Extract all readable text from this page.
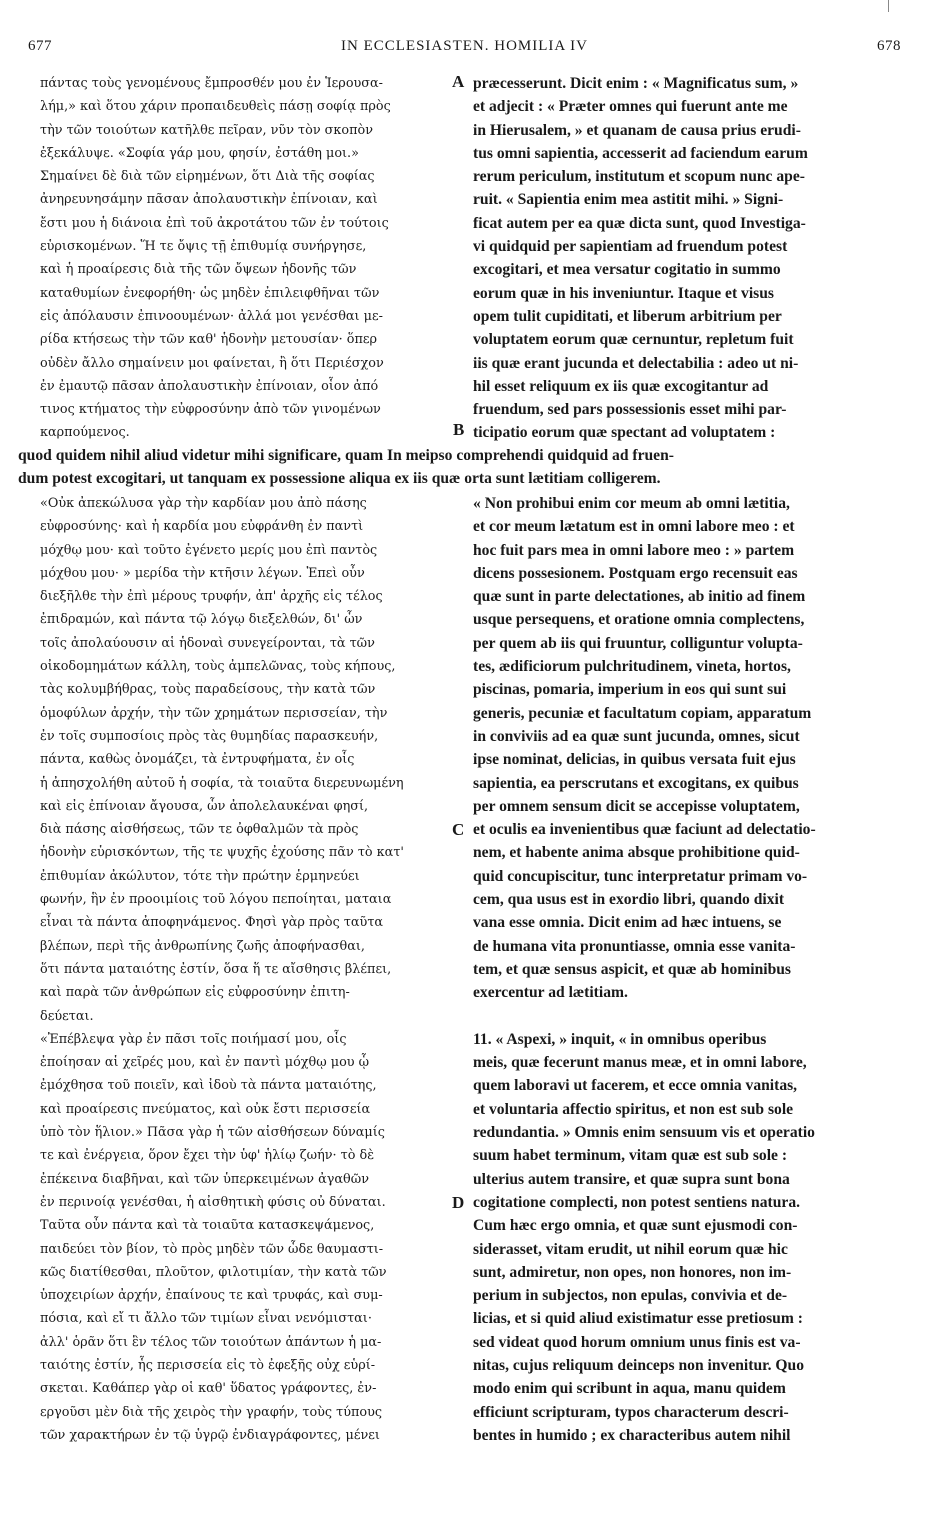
677	IN ECCLESIASTEN. HOMILIA IV	678
A
B
C
D
πάντας τοὺς γενομένους ἔμπροσθέν μου ἐν Ἱερουσα-
λήμ,» καὶ ὅτου χάριν προπαιδευθεὶς πάσῃ σοφίᾳ πρὸς
τὴν τῶν τοιούτων κατῆλθε πεῖραν, νῦν τὸν σκοπὸν
ἐξεκάλυψε. «Σοφία γάρ μου, φησίν, ἐστάθη μοι.»
Σημαίνει δὲ διὰ τῶν εἰρημένων, ὅτι Διὰ τῆς σοφίας
ἀνηρευνησάμην πᾶσαν ἀπολαυστικὴν ἐπίνοιαν, καὶ
ἔστι μου ἡ διάνοια ἐπὶ τοῦ ἀκροτάτου τῶν ἐν τούτοις
εὑρισκομένων. Ἥ τε ὄψις τῇ ἐπιθυμίᾳ συνήργησε,
καὶ ἡ προαίρεσις διὰ τῆς τῶν ὄψεων ἡδονῆς τῶν
καταθυμίων ἐνεφορήθη· ὡς μηδὲν ἐπιλειφθῆναι τῶν
εἰς ἀπόλαυσιν ἐπινοουμένων· ἀλλά μοι γενέσθαι με-
ρίδα κτήσεως τὴν τῶν καθ' ἡδονὴν μετουσίαν· ὅπερ
οὐδὲν ἄλλο σημαίνειν μοι φαίνεται, ἢ ὅτι Περιέσχον
ἐν ἐμαυτῷ πᾶσαν ἀπολαυστικὴν ἐπίνοιαν, οἷον ἀπό
τινος κτήματος τὴν εὐφροσύνην ἀπὸ τῶν γινομένων
καρπούμενος.
præcesserunt. Dicit enim : « Magnificatus sum, »
et adjecit : « Præter omnes qui fuerunt ante me
in Hierusalem, » et quanam de causa prius erudi-
tus omni sapientia, accesserit ad faciendum earum
rerum periculum, institutum et scopum nunc ape-
ruit. « Sapientia enim mea astitit mihi. » Signi-
ficat autem per ea quæ dicta sunt, quod Investiga-
vi quidquid per sapientiam ad fruendum potest
excogitari, et mea versatur cogitatio in summo
eorum quæ in his inveniuntur. Itaque et visus
opem tulit cupiditati, et liberum arbitrium per
voluptatem eorum quæ cernuntur, repletum fuit
iis quæ erant jucunda et delectabilia : adeo ut ni-
hil esset reliquum ex iis quæ excogitantur ad
fruendum, sed pars possessionis esset mihi par-
ticipatio eorum quæ spectant ad voluptatem :
quod quidem nihil aliud videtur mihi significare, quam In meipso comprehendi quidquid ad fruen-
dum potest excogitari, ut tanquam ex possessione aliqua ex iis quæ orta sunt lætitiam colligerem.
«Οὐκ ἀπεκώλυσα γὰρ τὴν καρδίαν μου ἀπὸ πάσης
εὐφροσύνης· καὶ ἡ καρδία μου εὐφράνθη ἐν παντὶ
μόχθῳ μου· καὶ τοῦτο ἐγένετο μερίς μου ἐπὶ παντὸς
μόχθου μου· » μερίδα τὴν κτῆσιν λέγων. Ἐπεὶ οὖν
διεξῆλθε τὴν ἐπὶ μέρους τρυφήν, ἀπ' ἀρχῆς εἰς τέλος
ἐπιδραμών, καὶ πάντα τῷ λόγῳ διεξελθών, δι' ὧν
τοῖς ἀπολαύουσιν αἱ ἡδοναὶ συνεγείρονται, τὰ τῶν
οἰκοδομημάτων κάλλη, τοὺς ἀμπελῶνας, τοὺς κήπους,
τὰς κολυμβήθρας, τοὺς παραδείσους, τὴν κατὰ τῶν
ὁμοφύλων ἀρχήν, τὴν τῶν χρημάτων περισσείαν, τὴν
ἐν τοῖς συμποσίοις πρὸς τὰς θυμηδίας παρασκευήν,
πάντα, καθὼς ὀνομάζει, τὰ ἐντρυφήματα, ἐν οἷς
ἡ ἀπησχολήθη αὐτοῦ ἡ σοφία, τὰ τοιαῦτα διερευνωμένη
καὶ εἰς ἐπίνοιαν ἄγουσα, ὧν ἀπολελαυκέναι φησί,
διὰ πάσης αἰσθήσεως, τῶν τε ὀφθαλμῶν τὰ πρὸς
ἡδονὴν εὑρισκόντων, τῆς τε ψυχῆς ἐχούσης πᾶν τὸ κατ'
ἐπιθυμίαν ἀκώλυτον, τότε τὴν πρώτην ἑρμηνεύει
φωνήν, ἣν ἐν προοιμίοις τοῦ λόγου πεποίηται, ματαια
εἶναι τὰ πάντα ἀποφηνάμενος. Φησὶ γὰρ πρὸς ταῦτα
βλέπων, περὶ τῆς ἀνθρωπίνης ζωῆς ἀποφήνασθαι,
ὅτι πάντα ματαιότης ἐστίν, ὅσα ἥ τε αἴσθησις βλέπει,
καὶ παρὰ τῶν ἀνθρώπων εἰς εὐφροσύνην ἐπιτη-
δεύεται.
«Ἐπέβλεψα γὰρ ἐν πᾶσι τοῖς ποιήμασί μου, οἷς
ἐποίησαν αἱ χεῖρές μου, καὶ ἐν παντὶ μόχθῳ μου ᾧ
ἐμόχθησα τοῦ ποιεῖν, καὶ ἰδοὺ τὰ πάντα ματαιότης,
καὶ προαίρεσις πνεύματος, καὶ οὐκ ἔστι περισσεία
ὑπὸ τὸν ἥλιον.» Πᾶσα γὰρ ἡ τῶν αἰσθήσεων δύναμίς
τε καὶ ἐνέργεια, ὅρον ἔχει τὴν ὑφ' ἡλίῳ ζωήν· τὸ δὲ
ἐπέκεινα διαβῆναι, καὶ τῶν ὑπερκειμένων ἀγαθῶν
ἐν περινοίᾳ γενέσθαι, ἡ αἰσθητικὴ φύσις οὐ δύναται.
Ταῦτα οὖν πάντα καὶ τὰ τοιαῦτα κατασκεψάμενος,
παιδεύει τὸν βίον, τὸ πρὸς μηδὲν τῶν ὧδε θαυμαστι-
κῶς διατίθεσθαι, πλοῦτον, φιλοτιμίαν, τὴν κατὰ τῶν
ὑποχειρίων ἀρχήν, ἐπαίνους τε καὶ τρυφάς, καὶ συμ-
πόσια, καὶ εἴ τι ἄλλο τῶν τιμίων εἶναι νενόμισται·
ἀλλ' ὁρᾶν ὅτι ἓν τέλος τῶν τοιούτων ἁπάντων ἡ μα-
ταιότης ἐστίν, ἧς περισσεία εἰς τὸ ἐφεξῆς οὐχ εὑρί-
σκεται. Καθάπερ γὰρ οἱ καθ' ὕδατος γράφοντες, ἐν-
εργοῦσι μὲν διὰ τῆς χειρὸς τὴν γραφήν, τοὺς τύπους
τῶν χαρακτήρων ἐν τῷ ὑγρῷ ἐνδιαγράφοντες, μένει
« Non prohibui enim cor meum ab omni lætitia,
et cor meum lætatum est in omni labore meo : et
hoc fuit pars mea in omni labore meo : » partem
dicens possesionem. Postquam ergo recensuit eas
quæ sunt in parte delectationes, ab initio ad finem
usque persequens, et oratione omnia complectens,
per quem ab iis qui fruuntur, colliguntur volupta-
tes, ædificiorum pulchritudinem, vineta, hortos,
piscinas, pomaria, imperium in eos qui sunt sui
generis, pecuniæ et facultatum copiam, apparatum
in conviviis ad ea quæ sunt jucunda, omnes, sicut
ipse nominat, delicias, in quibus versata fuit ejus
sapientia, ea perscrutans et excogitans, ex quibus
per omnem sensum dicit se accepisse voluptatem,
et oculis ea invenientibus quæ faciunt ad delectatio-
nem, et habente anima absque prohibitione quid-
quid concupiscitur, tunc interpretatur primam vo-
cem, qua usus est in exordio libri, quando dixit
vana esse omnia. Dicit enim ad hæc intuens, se
de humana vita pronuntiasse, omnia esse vanita-
tem, et quæ sensus aspicit, et quæ ab hominibus
exercentur ad lætitiam.
11. « Aspexi, » inquit, « in omnibus operibus
meis, quæ fecerunt manus meæ, et in omni labore,
quem laboravi ut facerem, et ecce omnia vanitas,
et voluntaria affectio spiritus, et non est sub sole
redundantia. » Omnis enim sensuum vis et operatio
suum habet terminum, vitam quæ est sub sole :
ulterius autem transire, et quæ supra sunt bona
cogitatione complecti, non potest sentiens natura.
Cum hæc ergo omnia, et quæ sunt ejusmodi con-
siderasset, vitam erudit, ut nihil eorum quæ hic
sunt, admiretur, non opes, non honores, non im-
perium in subjectos, non epulas, convivia et de-
licias, et si quid aliud existimatur esse pretiosum :
sed videat quod horum omnium unus finis est va-
nitas, cujus reliquum deinceps non invenitur. Quo
modo enim qui scribunt in aqua, manu quidem
efficiunt scripturam, typos characterum descri-
bentes in humido ; ex characteribus autem nihil
